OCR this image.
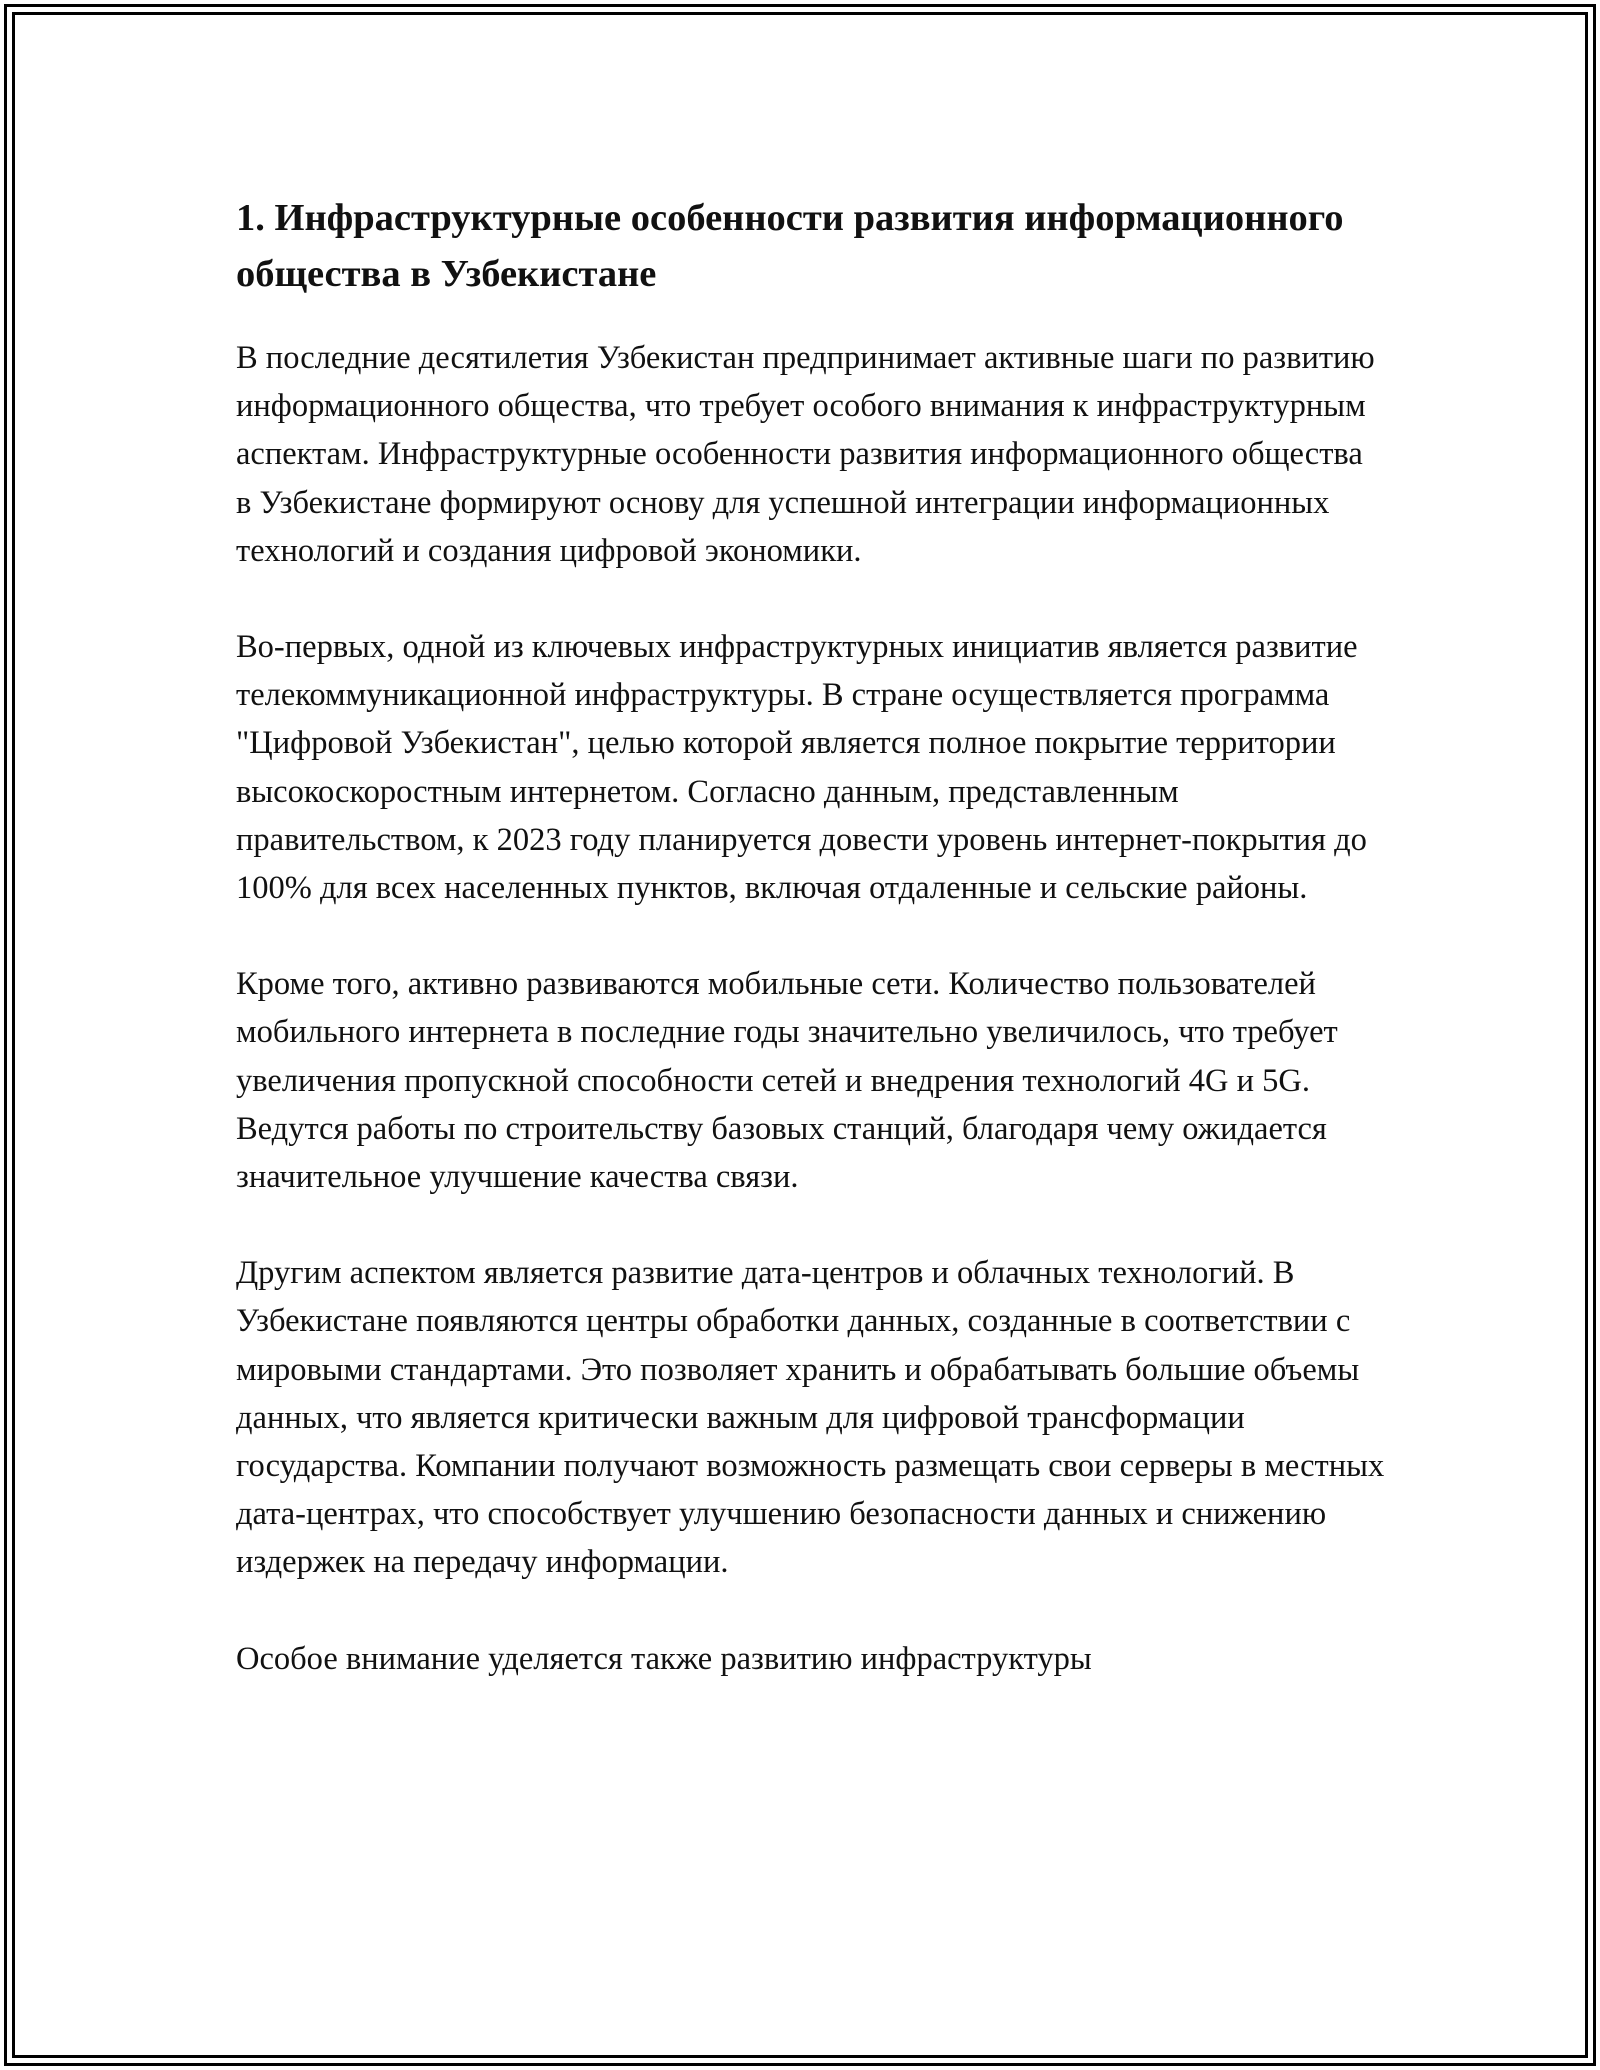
1. Инфраструктурные особенности развития информационного общества в Узбекистане

В последние десятилетия Узбекистан предпринимает активные шаги по развитию информационного общества, что требует особого внимания к инфраструктурным аспектам. Инфраструктурные особенности развития информационного общества в Узбекистане формируют основу для успешной интеграции информационных технологий и создания цифровой экономики.

Во-первых, одной из ключевых инфраструктурных инициатив является развитие телекоммуникационной инфраструктуры. В стране осуществляется программа "Цифровой Узбекистан", целью которой является полное покрытие территории высокоскоростным интернетом. Согласно данным, представленным правительством, к 2023 году планируется довести уровень интернет-покрытия до 100% для всех населенных пунктов, включая отдаленные и сельские районы.

Кроме того, активно развиваются мобильные сети. Количество пользователей мобильного интернета в последние годы значительно увеличилось, что требует увеличения пропускной способности сетей и внедрения технологий 4G и 5G. Ведутся работы по строительству базовых станций, благодаря чему ожидается значительное улучшение качества связи.

Другим аспектом является развитие дата-центров и облачных технологий. В Узбекистане появляются центры обработки данных, созданные в соответствии с мировыми стандартами. Это позволяет хранить и обрабатывать большие объемы данных, что является критически важным для цифровой трансформации государства. Компании получают возможность размещать свои серверы в местных дата-центрах, что способствует улучшению безопасности данных и снижению издержек на передачу информации.

Особое внимание уделяется также развитию инфраструктуры
